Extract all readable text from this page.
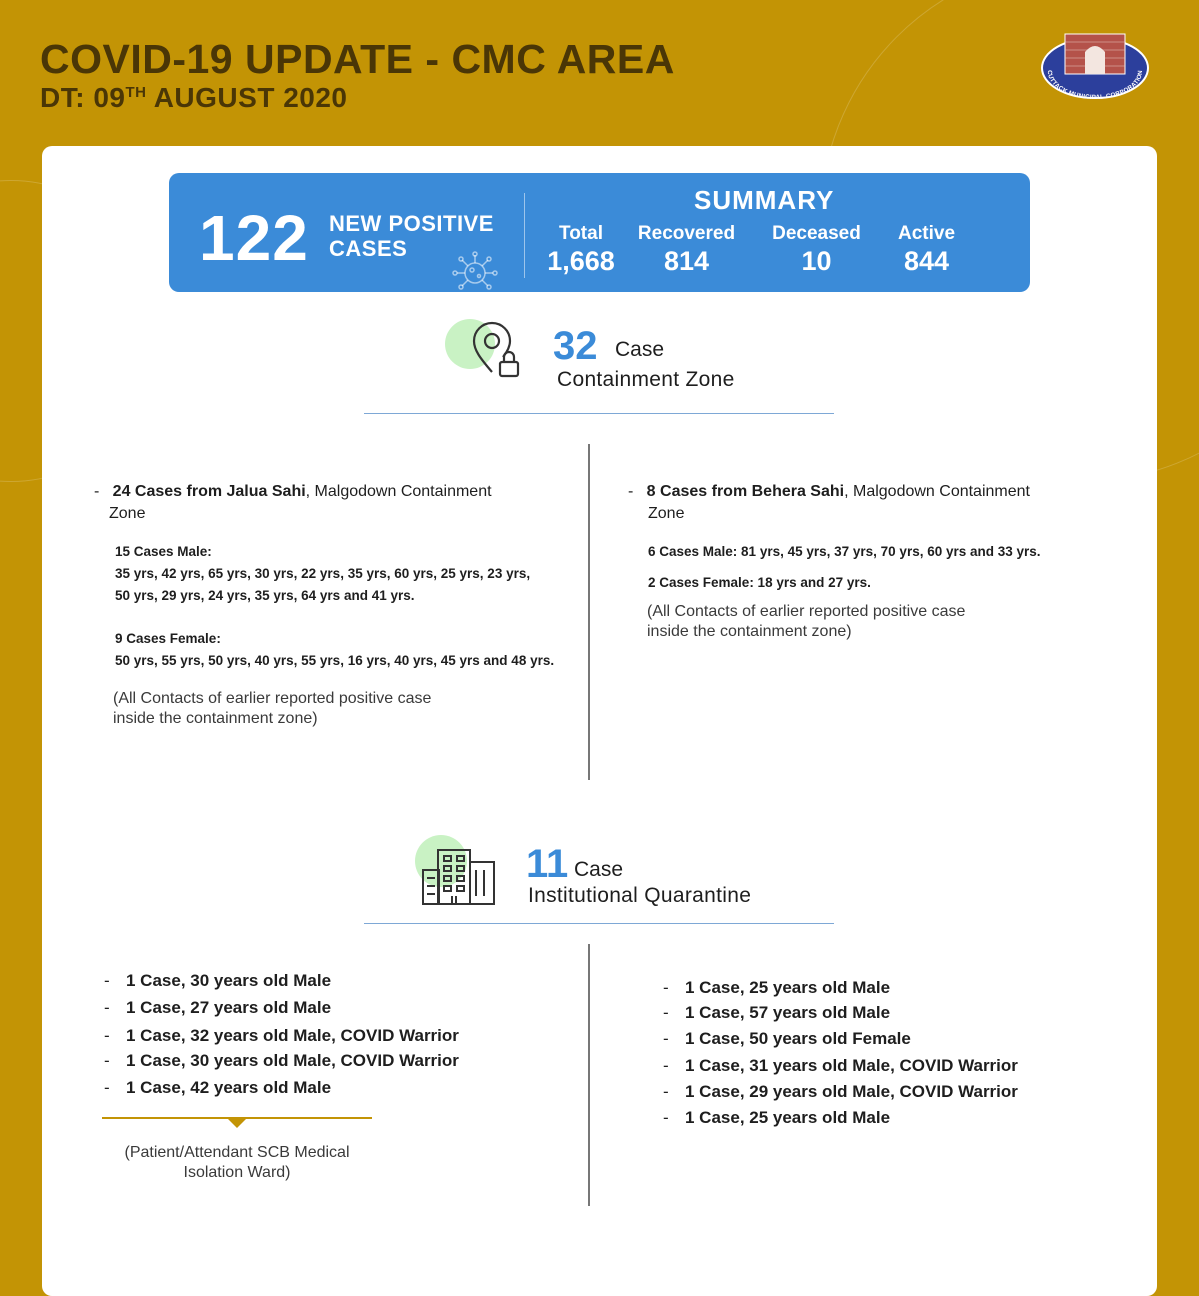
COVID-19 UPDATE - CMC AREA
DT: 09TH AUGUST 2020
CUTTACK MUNICIPAL CORPORATION
122 NEW POSITIVE
CASES
SUMMARY
Total
1,668
Recovered
814
Deceased
10
Active
844
32 Case
Containment Zone
- 24 Cases from Jalua Sahi, Malgodown Containment
Zone
15 Cases Male:
35 yrs, 42 yrs, 65 yrs, 30 yrs, 22 yrs, 35 yrs, 60 yrs, 25 yrs, 23 yrs,
50 yrs, 29 yrs, 24 yrs, 35 yrs, 64 yrs and 41 yrs.
9 Cases Female:
50 yrs, 55 yrs, 50 yrs, 40 yrs, 55 yrs, 16 yrs, 40 yrs, 45 yrs and 48 yrs.
(All Contacts of earlier reported positive case
inside the containment zone)
- 8 Cases from Behera Sahi, Malgodown Containment
Zone
6 Cases Male: 81 yrs, 45 yrs, 37 yrs, 70 yrs, 60 yrs and 33 yrs.
2 Cases Female: 18 yrs and 27 yrs.
(All Contacts of earlier reported positive case
inside the containment zone)
11 Case
Institutional Quarantine
- 1 Case, 30 years old Male
- 1 Case, 27 years old Male
- 1 Case, 32 years old Male, COVID Warrior
- 1 Case, 30 years old Male, COVID Warrior
- 1 Case, 42 years old Male
(Patient/Attendant SCB Medical
Isolation Ward)
- 1 Case, 25 years old Male
- 1 Case, 57 years old Male
- 1 Case, 50 years old Female
- 1 Case, 31 years old Male, COVID Warrior
- 1 Case, 29 years old Male, COVID Warrior
- 1 Case, 25 years old Male
